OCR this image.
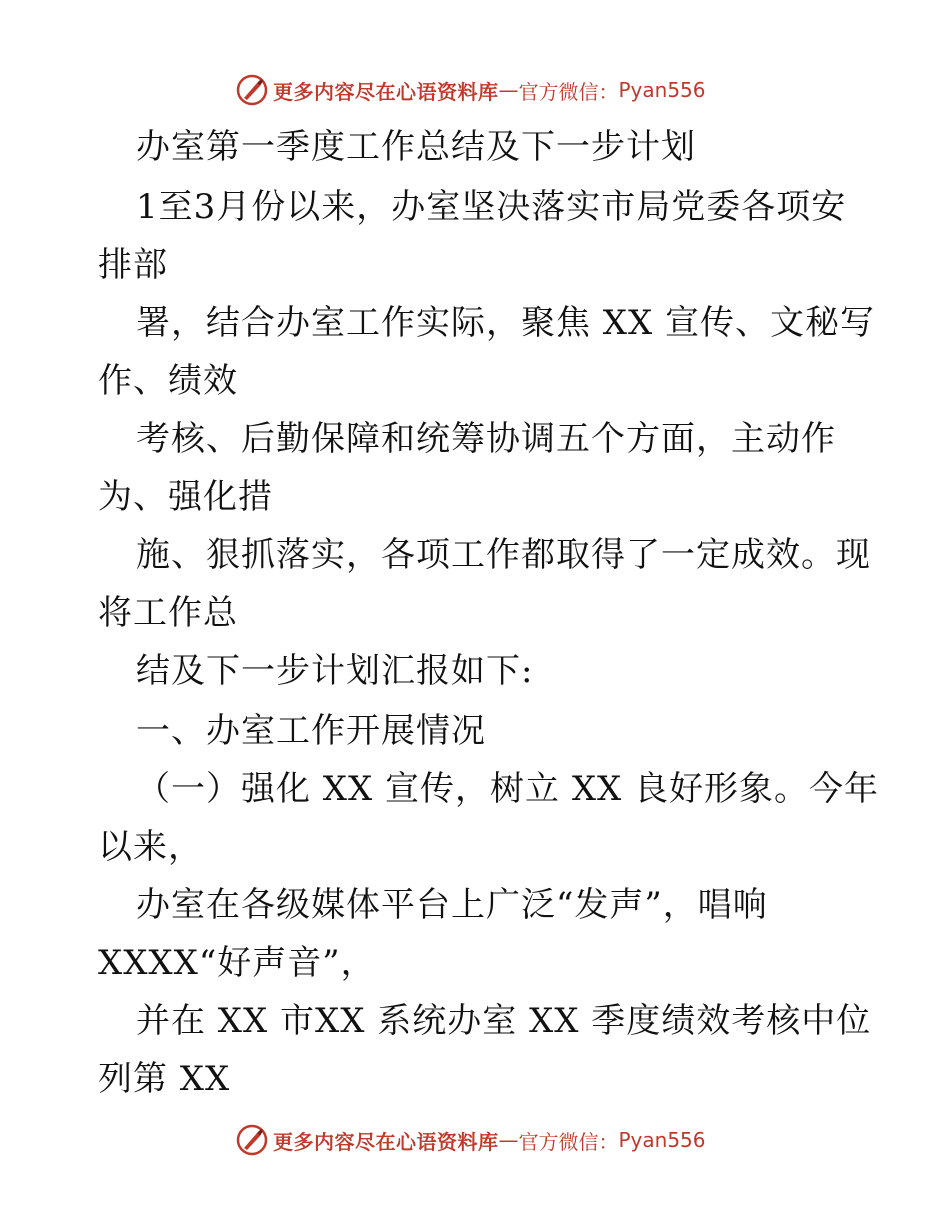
更多内容尽在心语资料库 — 官方微信： Pyan556
办室第一季度工作总结及下一步计划
1至3月份以来，办室坚决落实市局党委各项安
排部
署，结合办室工作实际，聚焦 XX 宣传、文秘写
作、绩效
考核、后勤保障和统筹协调五个方面，主动作
为、强化措
施、狠抓落实，各项工作都取得了一定成效。现
将工作总
结及下一步计划汇报如下:
一、办室工作开展情况
（一）强化 XX 宣传，树立 XX 良好形象。今年
以来，
办室在各级媒体平台上广泛“发声”，唱响
XXXX“好声音”，
并在 XX 市XX 系统办室 XX 季度绩效考核中位
列第 XX
更多内容尽在心语资料库 — 官方微信： Pyan556
